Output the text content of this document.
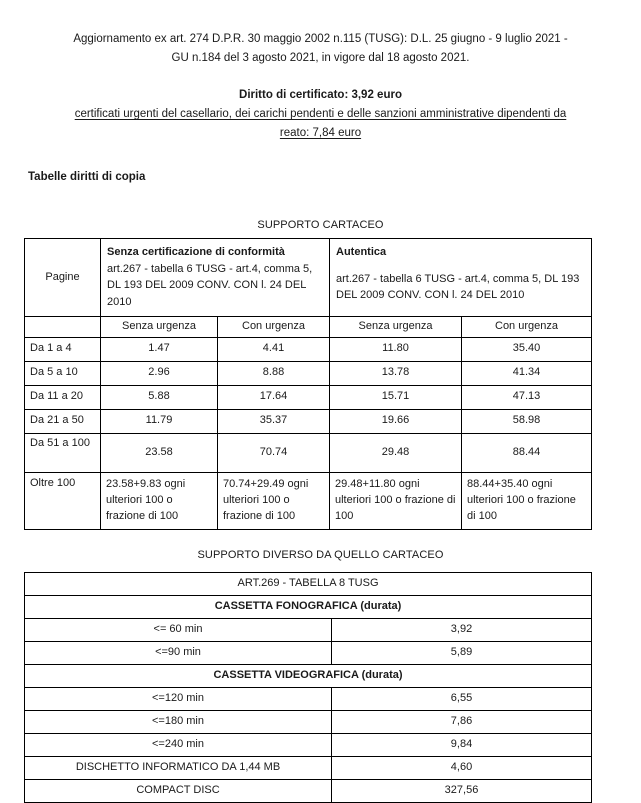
Aggiornamento ex art. 274 D.P.R. 30 maggio 2002 n.115 (TUSG): D.L. 25 giugno - 9 luglio 2021 -
GU n.184 del 3 agosto 2021, in vigore dal 18 agosto 2021.

Diritto di certificato: 3,92 euro

certificati urgenti del casellario, dei carichi pendenti e delle sanzioni amministrative dipendenti da
reato: 7,84 euro

Tabelle diritti di copia

SUPPORTO CARTACEO
Pagine	Senza certificazione di conformità
art.267 - tabella 6 TUSG - art.4, comma 5, DL 193 DEL 2009 CONV. CON l. 24 DEL 2010		Autentica
art.267 - tabella 6 TUSG - art.4, comma 5, DL 193 DEL 2009 CONV. CON l. 24 DEL 2010	

	Senza urgenza	Con urgenza	Senza urgenza	Con urgenza
Da 1 a 4	1.47	4.41	11.80	35.40
Da 5 a 10	2.96	8.88	13.78	41.34
Da 11 a 20	5.88	17.64	15.71	47.13
Da 21 a 50	11.79	35.37	19.66	58.98
Da 51 a 100	23.58	70.74	29.48	88.44
Oltre 100	23.58+9.83 ogni ulteriori 100 o frazione di 100	70.74+29.49 ogni ulteriori 100 o frazione di 100	29.48+11.80 ogni ulteriori 100 o frazione di 100	88.44+35.40 ogni ulteriori 100 o frazione di 100
SUPPORTO DIVERSO DA QUELLO CARTACEO
ART.269 - TABELLA 8 TUSG	
CASSETTA FONOGRAFICA (durata)	
<= 60 min	3,92
<=90 min	5,89
CASSETTA VIDEOGRAFICA (durata)	
<=120 min	6,55
<=180 min	7,86
<=240 min	9,84
DISCHETTO INFORMATICO DA 1,44 MB	4,60
COMPACT DISC	327,56
